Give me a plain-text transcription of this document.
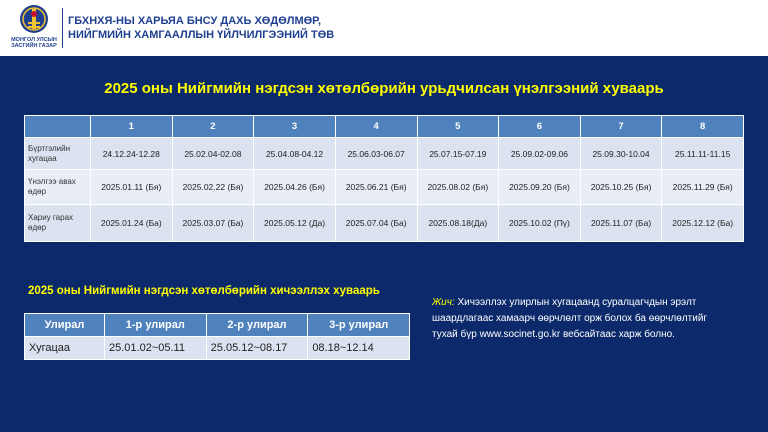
МОНГОЛ УЛСЫН
ЗАСГИЙН ГАЗАР
ГБХНХЯ-НЫ ХАРЬЯА БНСУ ДАХЬ ХӨДӨЛМӨР,
НИЙГМИЙН ХАМГААЛЛЫН ҮЙЛЧИЛГЭЭНИЙ ТӨВ
2025 оны Нийгмийн нэгдсэн хөтөлбөрийн урьдчилсан үнэлгээний хуваарь
	1	2	3	4	5	6	7	8
Бүртгэлийн хугацаа	24.12.24-12.28	25.02.04-02.08	25.04.08-04.12	25.06.03-06.07	25.07.15-07.19	25.09.02-09.06	25.09.30-10.04	25.11.11-11.15
Үнэлгээ авах өдөр	2025.01.11 (Бя)	2025.02.22 (Бя)	2025.04.26 (Бя)	2025.06.21 (Бя)	2025.08.02 (Бя)	2025.09.20 (Бя)	2025.10.25 (Бя)	2025.11.29 (Бя)
Хариу гарах өдөр	2025.01.24 (Ба)	2025.03.07 (Ба)	2025.05.12 (Да)	2025.07.04 (Ба)	2025.08.18(Да)	2025.10.02 (Пү)	2025.11.07 (Ба)	2025.12.12 (Ба)
2025 оны Нийгмийн нэгдсэн хөтөлбөрийн хичээллэх хуваарь
Улирал	1-р улирал	2-р улирал	3-р улирал
Хугацаа	25.01.02~05.11	25.05.12~08.17	08.18~12.14
Жич: Хичээллэх улирлын хугацаанд суралцагчдын эрэлт шаардлагаас хамаарч өөрчлөлт орж болох ба өөрчлөлтийг тухай бүр www.socinet.go.kr вебсайтаас харж болно.
